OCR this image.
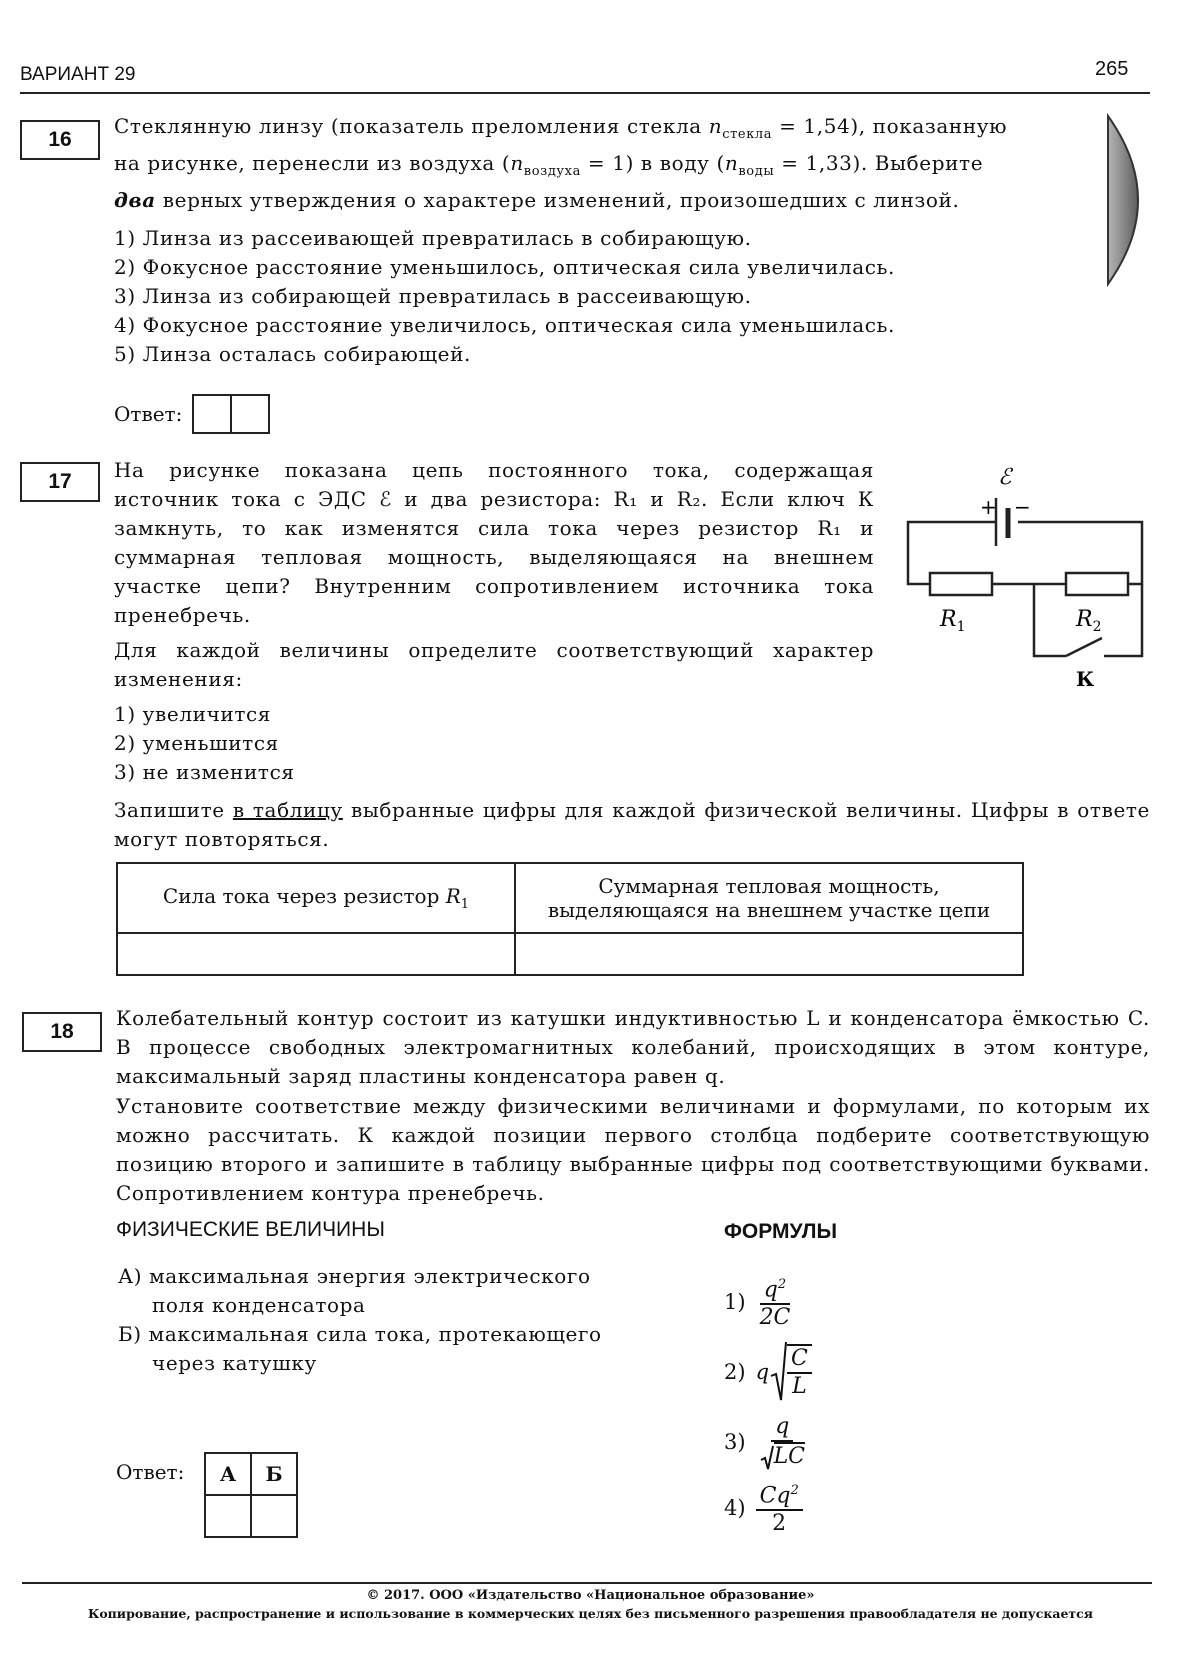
ВАРИАНТ 29	265
16
Стеклянную линзу (показатель преломления стекла $n_{стекла} = 1,54$), показанную
на рисунке, перенесли из воздуха $(n_{воздуха} = 1)$ в воду $(n_{воды} = 1,33)$. Выберите
два верных утверждения о характере изменений, произошедших с линзой.
1) Линза из рассеивающей превратилась в собирающую.
2) Фокусное расстояние уменьшилось, оптическая сила увеличилась.
3) Линза из собирающей превратилась в рассеивающую.
4) Фокусное расстояние увеличилось, оптическая сила уменьшилась.
5) Линза осталась собирающей.
Ответ:
17	На рисунке показана цепь постоянного тока, содержащая источник тока с ЭДС ℰ и два резистора: R₁ и R₂. Если ключ К замкнуть, то как изменятся сила тока через резистор R₁ и суммарная тепловая мощность, выделяющаяся на внешнем участке цепи? Внутренним сопротивлением источника тока пренебречь.
Для каждой величины определите соответствующий характер изменения:
1) увеличится
2) уменьшится
3) не изменится
Запишите в таблицу выбранные цифры для каждой физической величины. Цифры в ответе могут повторяться.
ℰ
+ −
$R_1$	$R_2$
К
Сила тока через резистор $R_1$	Суммарная тепловая мощность,
выделяющаяся на внешнем участке цепи

18
Колебательный контур состоит из катушки индуктивностью L и конденсатора ёмкостью C. В процессе свободных электромагнитных колебаний, происходящих в этом контуре, максимальный заряд пластины конденсатора равен q.
Установите соответствие между физическими величинами и формулами, по которым их можно рассчитать. К каждой позиции первого столбца подберите соответствующую позицию второго и запишите в таблицу выбранные цифры под соответствующими буквами. Сопротивлением контура пренебречь.
ФИЗИЧЕСКИЕ ВЕЛИЧИНЫ	ФОРМУЛЫ
А) максимальная энергия электрического
поля конденсатора
Б) максимальная сила тока, протекающего
через катушку
$1) \frac{q^2}{2C}$
2) q $\frac{C}{L}$
$3) \frac{q}{LC}$
$4) \frac{Cq^2}{2}$
Ответ: А	Б

© 2017. ООО «Издательство «Национальное образование»
Копирование, распространение и использование в коммерческих целях без письменного разрешения правообладателя не допускается
